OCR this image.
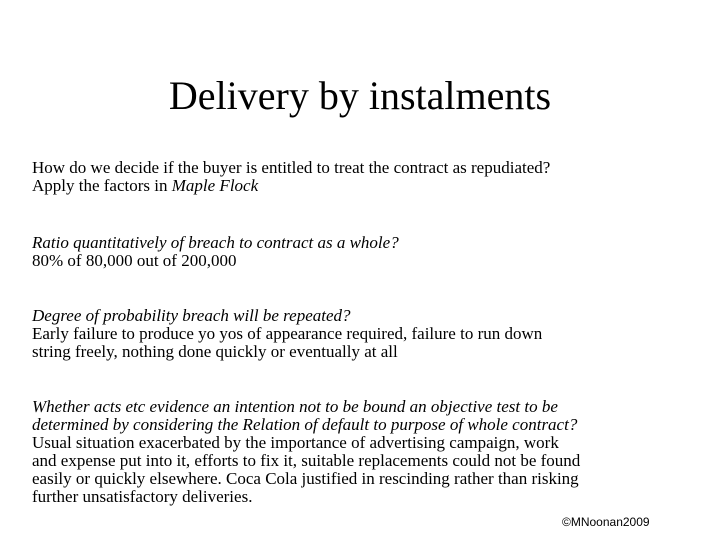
Delivery by instalments
How do we decide if the buyer is entitled to treat the contract as repudiated?
Apply the factors in Maple Flock
Ratio quantitatively of breach to contract as a whole?
80% of 80,000 out of 200,000
Degree of probability breach will be repeated?
Early failure to produce yo yos of appearance required, failure to run down
string freely, nothing done quickly or eventually at all
Whether acts etc evidence an intention not to be bound an objective test to be
determined by considering the Relation of default to purpose of whole contract?
Usual situation exacerbated by the importance of advertising campaign, work
and expense put into it, efforts to fix it, suitable replacements could not be found
easily or quickly elsewhere. Coca Cola justified in rescinding rather than risking
further unsatisfactory deliveries.
©MNoonan2009
